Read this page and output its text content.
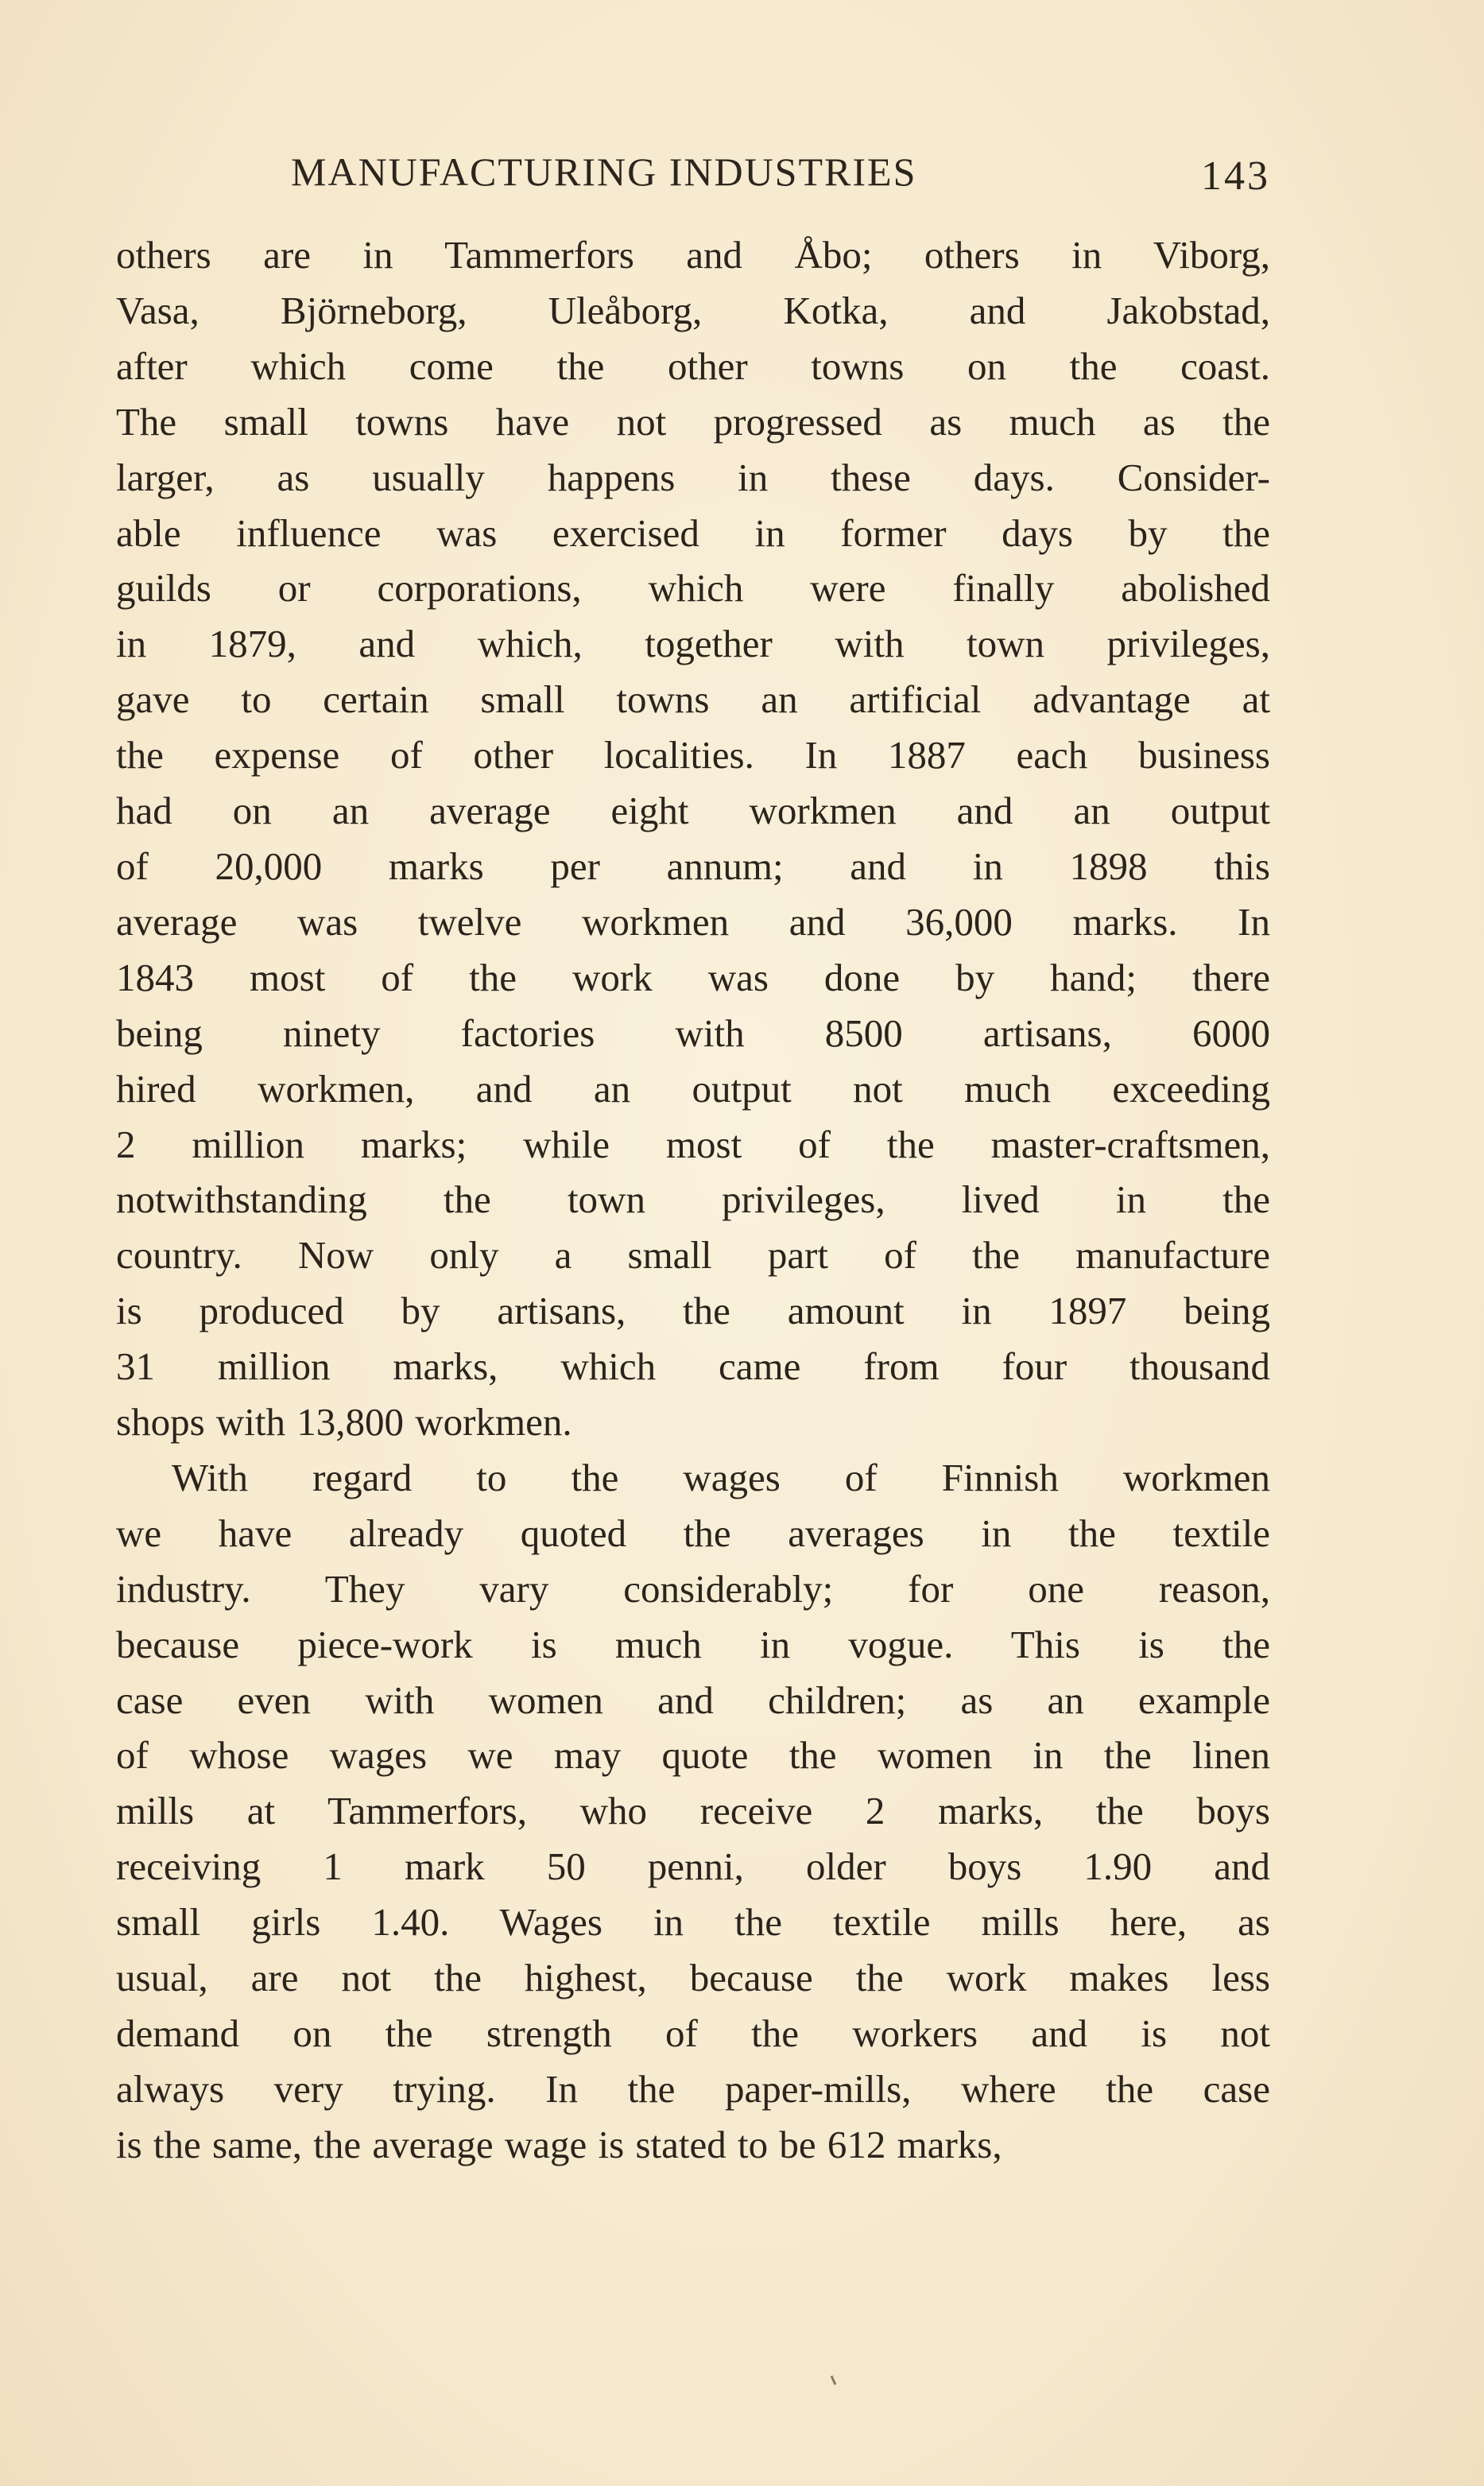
MANUFACTURING INDUSTRIES	143

others are in Tammerfors and Åbo; others in Viborg,
Vasa, Björneborg, Uleåborg, Kotka, and Jakobstad,
after which come the other towns on the coast.
The small towns have not progressed as much as the
larger, as usually happens in these days. Consider-
able influence was exercised in former days by the
guilds or corporations, which were finally abolished
in 1879, and which, together with town privileges,
gave to certain small towns an artificial advantage at
the expense of other localities. In 1887 each business
had on an average eight workmen and an output
of 20,000 marks per annum; and in 1898 this
average was twelve workmen and 36,000 marks. In
1843 most of the work was done by hand; there
being ninety factories with 8500 artisans, 6000
hired workmen, and an output not much exceeding
2 million marks; while most of the master-craftsmen,
notwithstanding the town privileges, lived in the
country. Now only a small part of the manufacture
is produced by artisans, the amount in 1897 being
31 million marks, which came from four thousand
shops with 13,800 workmen.

With regard to the wages of Finnish workmen
we have already quoted the averages in the textile
industry. They vary considerably; for one reason,
because piece-work is much in vogue. This is the
case even with women and children; as an example
of whose wages we may quote the women in the linen
mills at Tammerfors, who receive 2 marks, the boys
receiving 1 mark 50 penni, older boys 1.90 and
small girls 1.40. Wages in the textile mills here, as
usual, are not the highest, because the work makes less
demand on the strength of the workers and is not
always very trying. In the paper-mills, where the case
is the same, the average wage is stated to be 612 marks,
